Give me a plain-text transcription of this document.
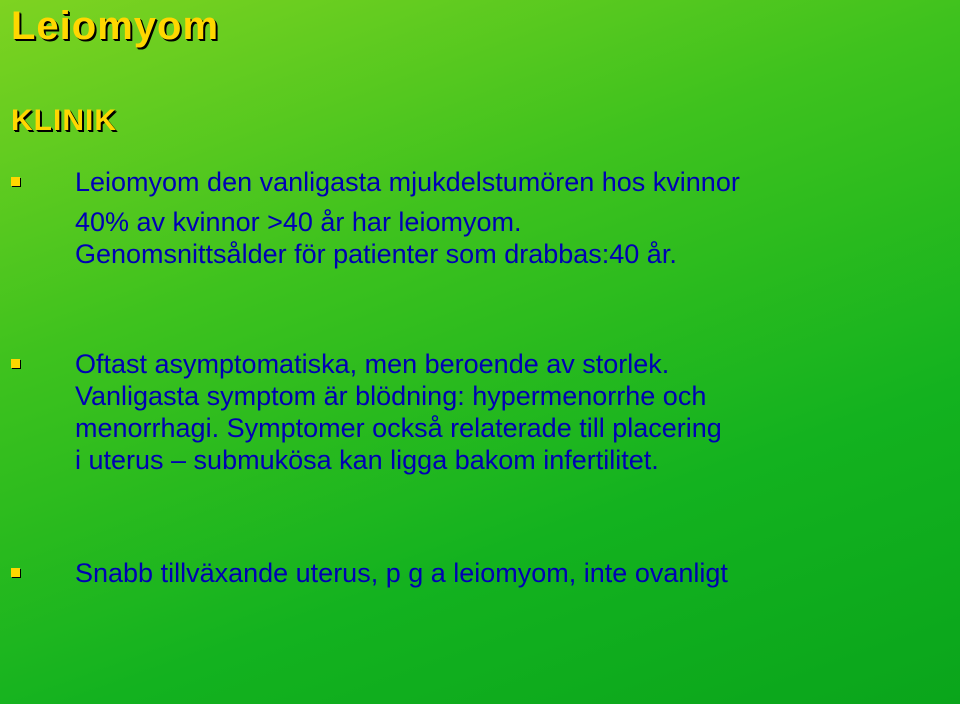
Leiomyom
KLINIK

Leiomyom den vanligasta mjukdelstumören hos kvinnor

40% av kvinnor >40 år har leiomyom.

Genomsnittsålder för patienter som drabbas:40 år.

Oftast asymptomatiska, men beroende av storlek.

Vanligasta symptom är blödning: hypermenorrhe och

menorrhagi. Symptomer också relaterade till placering

i uterus – submukösa kan ligga bakom infertilitet.

Snabb tillväxande uterus, p g a leiomyom, inte ovanligt
